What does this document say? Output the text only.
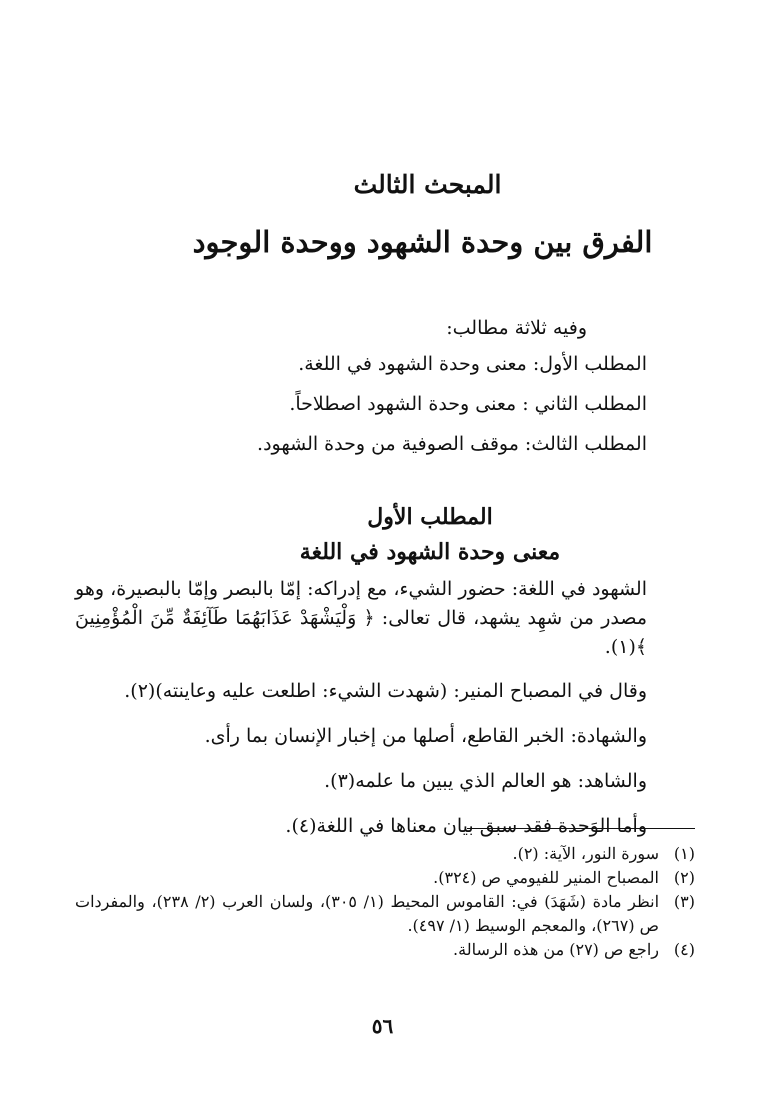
المبحث الثالث
الفرق بين وحدة الشهود ووحدة الوجود
وفيه ثلاثة مطالب:
المطلب الأول: معنى وحدة الشهود في اللغة.
المطلب الثاني : معنى وحدة الشهود اصطلاحاً.
المطلب الثالث: موقف الصوفية من وحدة الشهود.
المطلب الأول
معنى وحدة الشهود في اللغة

الشهود في اللغة: حضور الشيء، مع إدراكه: إمّا بالبصر وإمّا بالبصيرة، وهو مصدر من شهِد يشهد، قال تعالى: ﴿ وَلْيَشْهَدْ عَذَابَهُمَا طَآئِفَةٌ مِّنَ الْمُؤْمِنِينَ ﴾(١).

وقال في المصباح المنير: (شهدت الشيء: اطلعت عليه وعاينته)(٢).

والشهادة: الخبر القاطع، أصلها من إخبار الإنسان بما رأى.

والشاهد: هو العالم الذي يبين ما علمه(٣).

وأما الوَحدة فقد سبق بيان معناها في اللغة(٤).

(١)
سورة النور، الآية: (٢).
(٢)
المصباح المنير للفيومي ص (٣٢٤).
(٣)
انظر مادة (شَهَدَ) في: القاموس المحيط (١/ ٣٠٥)، ولسان العرب (٢/ ٢٣٨)، والمفردات ص (٢٦٧)، والمعجم الوسيط (١/ ٤٩٧).
(٤)
راجع ص (٢٧) من هذه الرسالة.
٥٦
